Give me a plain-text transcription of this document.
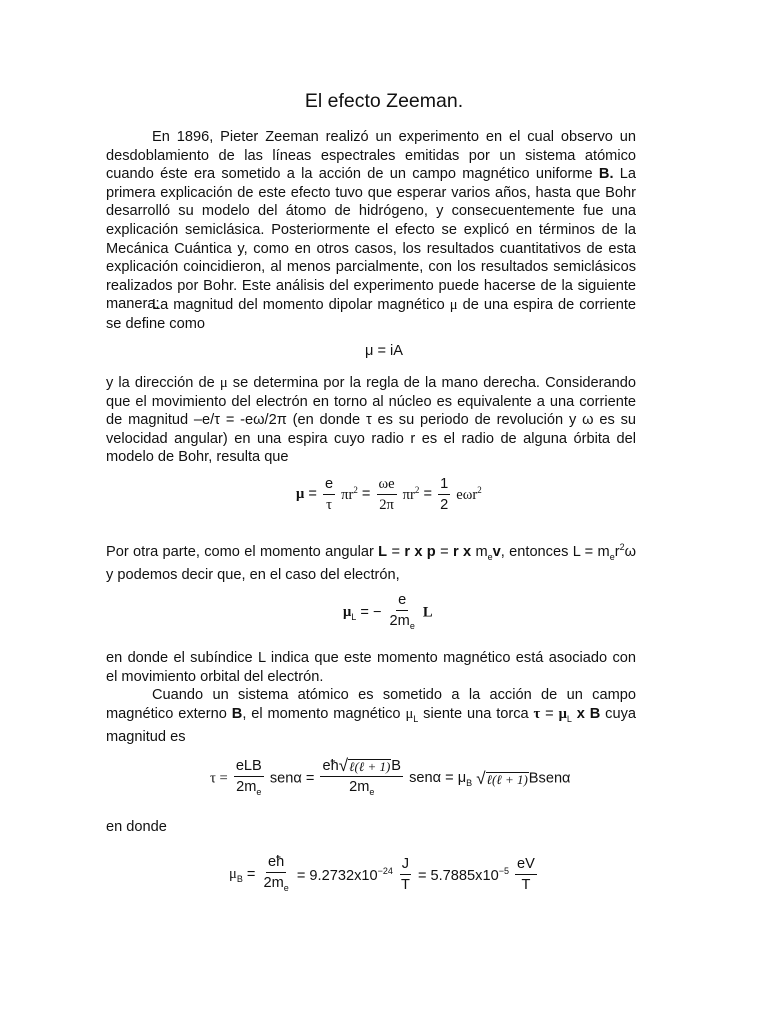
El efecto Zeeman.

En 1896, Pieter Zeeman realizó un experimento en el cual observo un desdoblamiento de las líneas espectrales emitidas por un sistema atómico cuando éste era sometido a la acción de un campo magnético uniforme B. La primera explicación de este efecto tuvo que esperar varios años, hasta que Bohr desarrolló su modelo del átomo de hidrógeno, y consecuentemente fue una explicación semiclásica. Posteriormente el efecto se explicó en términos de la Mecánica Cuántica y, como en otros casos, los resultados cuantitativos de esta explicación coincidieron, al menos parcialmente, con los resultados semiclásicos realizados por Bohr. Este análisis del experimento puede hacerse de la siguiente manera:

La magnitud del momento dipolar magnético μ de una espira de corriente se define como

μ = iA

y la dirección de μ se determina por la regla de la mano derecha. Considerando que el movimiento del electrón en torno al núcleo es equivalente a una corriente de magnitud –e/τ = -eω/2π (en donde τ es su periodo de revolución y ω es su velocidad angular) en una espira cuyo radio r es el radio de alguna órbita del modelo de Bohr, resulta que

$\mu = \frac{e}{\tau} \pi r^2 = \frac{\omega e}{2\pi} \pi r^2 = \frac{1}{2} e\omega r^2$

Por otra parte, como el momento angular L = r x p = r x $m_ev$, entonces $L = m_er^2\omega$ y podemos decir que, en el caso del electrón,

$\mu_L$ = − $\frac{e}{2m_e}$ L

en donde el subíndice L indica que este momento magnético está asociado con el movimiento orbital del electrón.

Cuando un sistema atómico es sometido a la acción de un campo magnético externo B, el momento magnético $\mu_L$ siente una torca $\tau = \mu_L$ x B cuya magnitud es

$\tau = \frac{\text{eLB}}{2m_e}$ $sen\alpha = \frac{\text{eħ √ ℓ(ℓ + 1) B}}{2m_e}$ $sen\alpha = \mu_B$ √ ℓ(ℓ + 1) Bsenα

en donde

$\mu_B = \frac{eħ}{2m_e} = 9.2732x10^{-24} \frac{J}{T} = 5.7885x10^{-5} \frac{eV}{T}$
